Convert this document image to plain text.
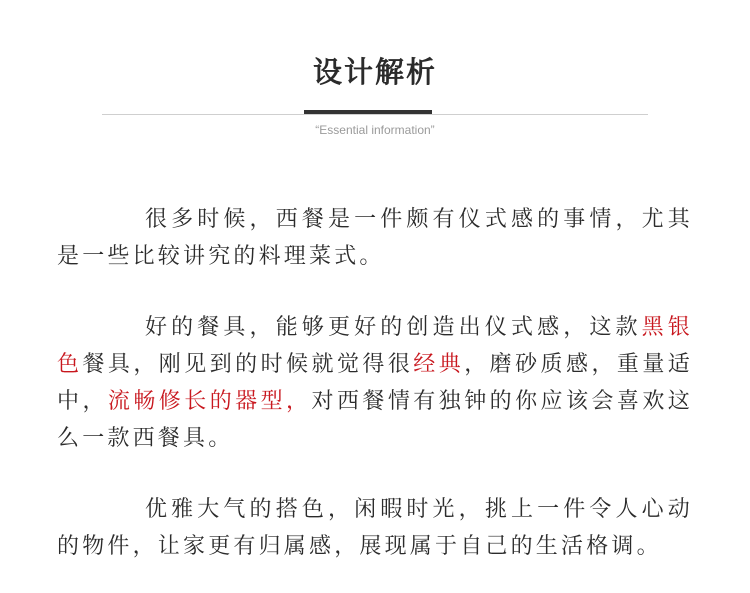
设计解析
“Essential information”

很多时候，西餐是一件颇有仪式感的事情，尤其是一些比较讲究的料理菜式。

好的餐具，能够更好的创造出仪式感，这款黑银色餐具，刚见到的时候就觉得很经典，磨砂质感，重量适中，流畅修长的器型，对西餐情有独钟的你应该会喜欢这么一款西餐具。

优雅大气的搭色，闲暇时光，挑上一件令人心动的物件，让家更有归属感，展现属于自己的生活格调。
